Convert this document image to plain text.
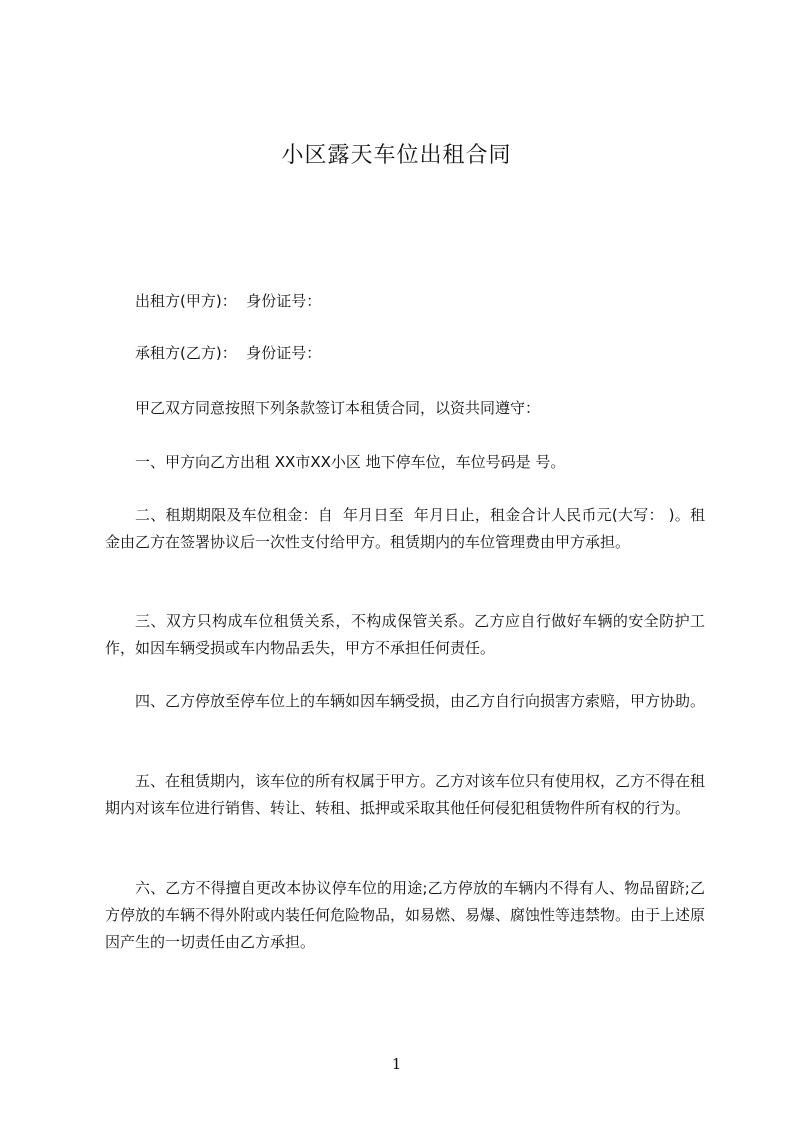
小区露天车位出租合同

出租方(甲方)：  身份证号：

承租方(乙方)：  身份证号：

甲乙双方同意按照下列条款签订本租赁合同，以资共同遵守：

一、甲方向乙方出租 XX市XX小区 地下停车位，车位号码是 号。

二、租期期限及车位租金：自  年月日至  年月日止，租金合计人民币元(大写： )。租金由乙方在签署协议后一次性支付给甲方。租赁期内的车位管理费由甲方承担。

三、双方只构成车位租赁关系，不构成保管关系。乙方应自行做好车辆的安全防护工作，如因车辆受损或车内物品丢失，甲方不承担任何责任。

四、乙方停放至停车位上的车辆如因车辆受损，由乙方自行向损害方索赔，甲方协助。

五、在租赁期内，该车位的所有权属于甲方。乙方对该车位只有使用权，乙方不得在租期内对该车位进行销售、转让、转租、抵押或采取其他任何侵犯租赁物件所有权的行为。

六、乙方不得擅自更改本协议停车位的用途;乙方停放的车辆内不得有人、物品留跻;乙方停放的车辆不得外附或内装任何危险物品，如易燃、易爆、腐蚀性等违禁物。由于上述原因产生的一切责任由乙方承担。

1
